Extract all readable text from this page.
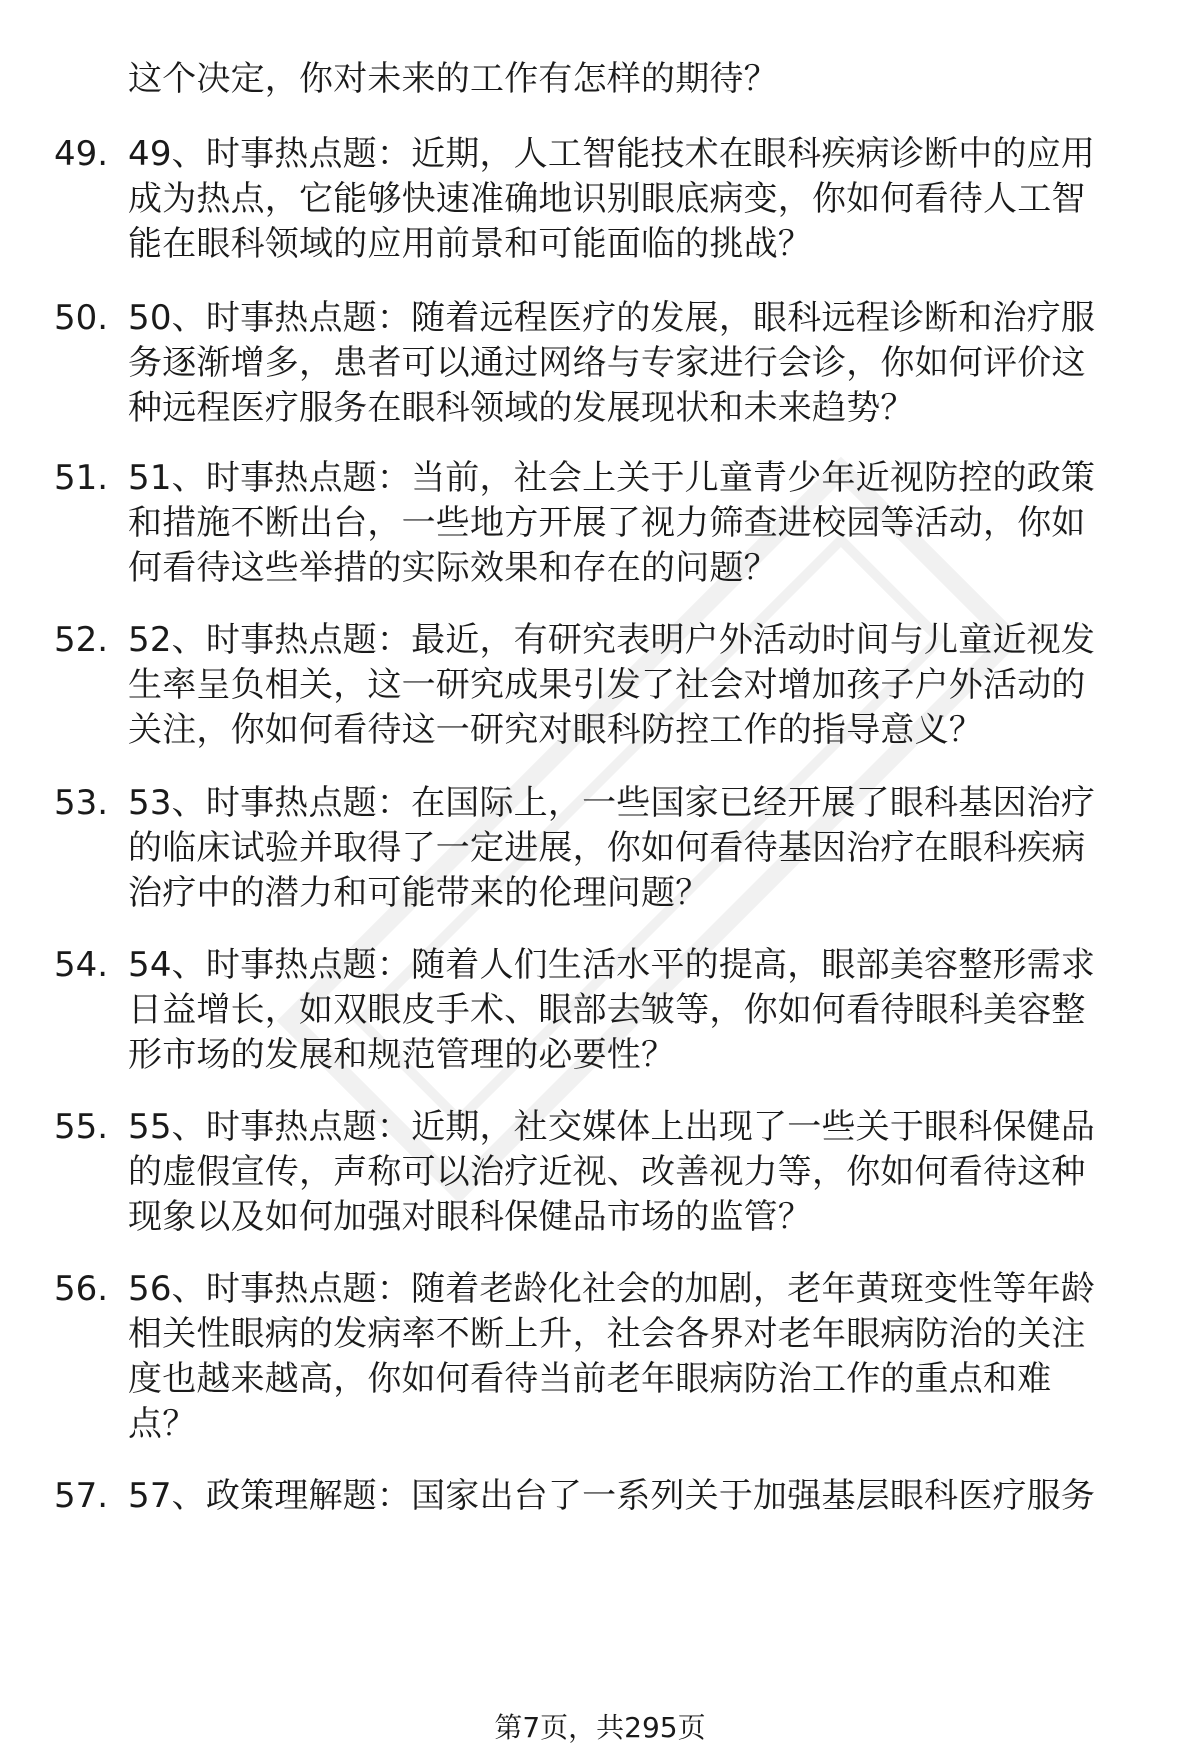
这个决定，你对未来的工作有怎样的期待？
49. 49、时事热点题：近期，人工智能技术在眼科疾病诊断中的应用
成为热点，它能够快速准确地识别眼底病变，你如何看待人工智
能在眼科领域的应用前景和可能面临的挑战？
50. 50、时事热点题：随着远程医疗的发展，眼科远程诊断和治疗服
务逐渐增多，患者可以通过网络与专家进行会诊，你如何评价这
种远程医疗服务在眼科领域的发展现状和未来趋势？
51. 51、时事热点题：当前，社会上关于儿童青少年近视防控的政策
和措施不断出台，一些地方开展了视力筛查进校园等活动，你如
何看待这些举措的实际效果和存在的问题？
52. 52、时事热点题：最近，有研究表明户外活动时间与儿童近视发
生率呈负相关，这一研究成果引发了社会对增加孩子户外活动的
关注，你如何看待这一研究对眼科防控工作的指导意义？
53. 53、时事热点题：在国际上，一些国家已经开展了眼科基因治疗
的临床试验并取得了一定进展，你如何看待基因治疗在眼科疾病
治疗中的潜力和可能带来的伦理问题？
54. 54、时事热点题：随着人们生活水平的提高，眼部美容整形需求
日益增长，如双眼皮手术、眼部去皱等，你如何看待眼科美容整
形市场的发展和规范管理的必要性？
55. 55、时事热点题：近期，社交媒体上出现了一些关于眼科保健品
的虚假宣传，声称可以治疗近视、改善视力等，你如何看待这种
现象以及如何加强对眼科保健品市场的监管？
56. 56、时事热点题：随着老龄化社会的加剧，老年黄斑变性等年龄
相关性眼病的发病率不断上升，社会各界对老年眼病防治的关注
度也越来越高，你如何看待当前老年眼病防治工作的重点和难
点？
57. 57、政策理解题：国家出台了一系列关于加强基层眼科医疗服务
第7页，共295页
